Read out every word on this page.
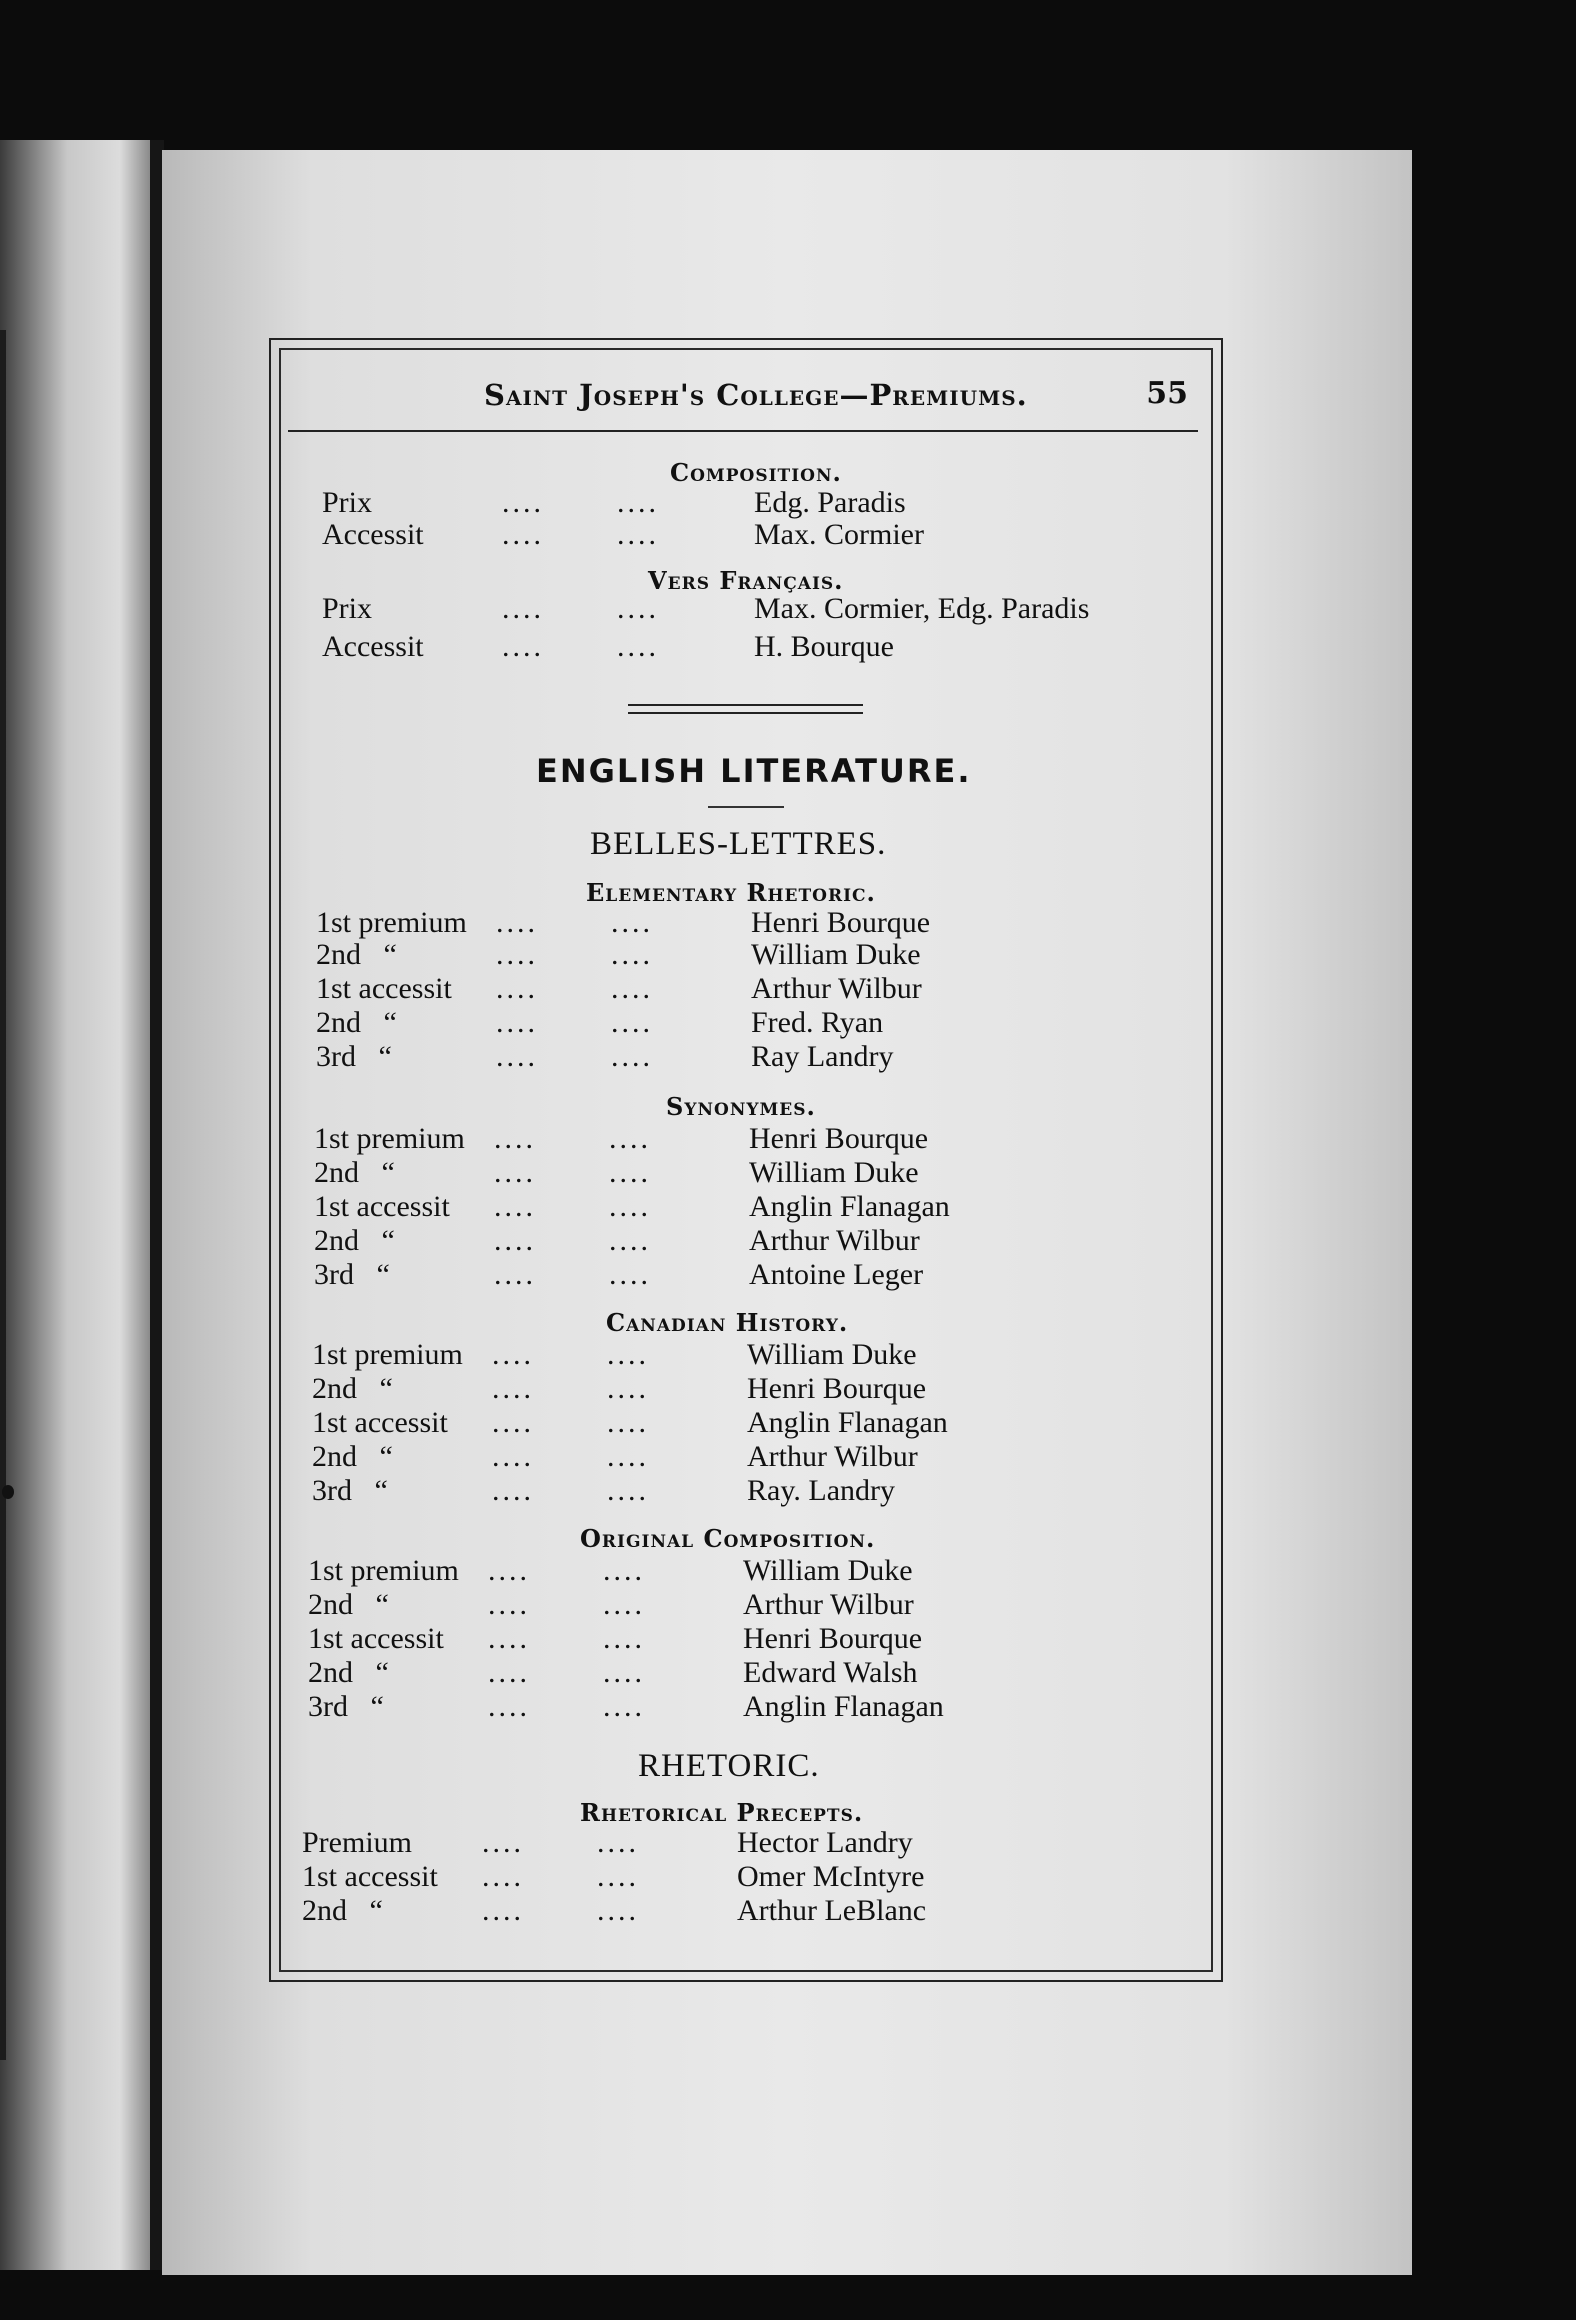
Saint Joseph's College—Premiums.	55
Composition.
Prix	.... ....	Edg. Paradis
Accessit	.... ....	Max. Cormier
Vers Français.
Prix	.... ....	Max. Cormier, Edg. Paradis
Accessit	.... ....	H. Bourque
ENGLISH LITERATURE.
BELLES-LETTRES.
Elementary Rhetoric.
1st premium .... ....	Henri Bourque
2nd   “	.... ....	William Duke
1st accessit .... ....	Arthur Wilbur
2nd   “	.... ....	Fred. Ryan
3rd   “	.... ....	Ray Landry
Synonymes.
1st premium .... ....	Henri Bourque
2nd   “	.... ....	William Duke
1st accessit .... ....	Anglin Flanagan
2nd   “	.... ....	Arthur Wilbur
3rd   “	.... ....	Antoine Leger
Canadian History.
1st premium .... ....	William Duke
2nd   “	.... ....	Henri Bourque
1st accessit .... ....	Anglin Flanagan
2nd   “	.... ....	Arthur Wilbur
3rd   “	.... ....	Ray. Landry
Original Composition.
1st premium .... ....	William Duke
2nd   “	.... ....	Arthur Wilbur
1st accessit .... ....	Henri Bourque
2nd   “	.... ....	Edward Walsh
3rd   “	.... ....	Anglin Flanagan
RHETORIC.
Rhetorical Precepts.
Premium .... ....	Hector Landry
1st accessit .... ....	Omer McIntyre
2nd   “	.... ....	Arthur LeBlanc
